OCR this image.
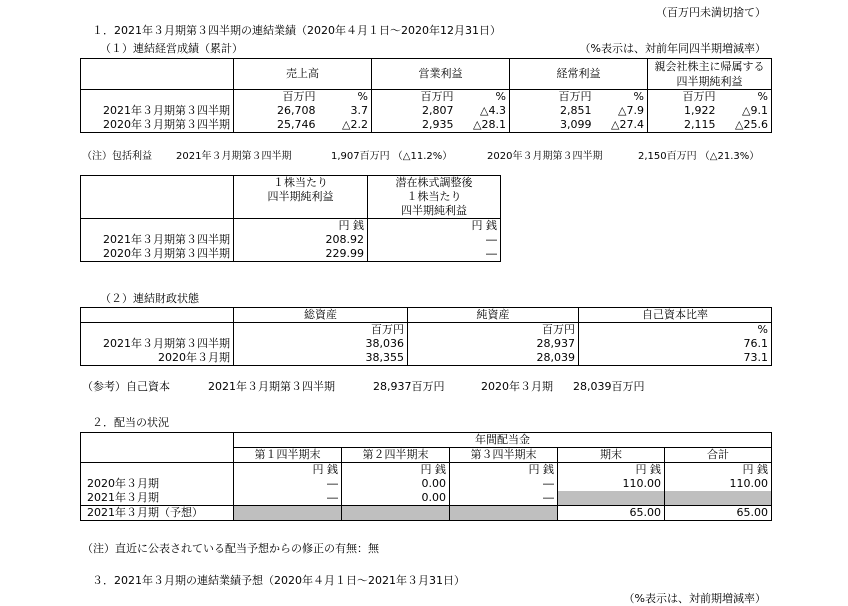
（百万円未満切捨て）
１．2021年３月期第３四半期の連結業績（2020年４月１日～2020年12月31日）
（１）連結経営成績（累計）	（%表示は、対前年同四半期増減率）
	売上高		営業利益		経常利益		親会社株主に帰属する	
							四半期純利益	
	百万円	%	百万円	%	百万円	%	百万円	%
2021年３月期第３四半期	26,708	3.7	2,807	△4.3	2,851	△7.9	1,922	△9.1
2020年３月期第３四半期	25,746	△2.2	2,935	△28.1	3,099	△27.4	2,115	△25.6
（注）包括利益 2021年３月期第３四半期	1,907百万円 （△11.2%）	2020年３月期第３四半期	2,150百万円 （△21.3%）
	１株当たり	潜在株式調整後
	四半期純利益	１株当たり
		四半期純利益
	円 銭	円 銭
2021年３月期第３四半期	208.92	―
2020年３月期第３四半期	229.99	―
（２）連結財政状態
	総資産	純資産	自己資本比率
	百万円	百万円	%
2021年３月期第３四半期	38,036	28,937	76.1
2020年３月期	38,355	28,039	73.1
（参考）自己資本	2021年３月期第３四半期	28,937百万円	2020年３月期 28,039百万円
２．配当の状況
	年間配当金				
	第１四半期末	第２四半期末	第３四半期末	期末	合計
	円 銭	円 銭	円 銭	円 銭	円 銭
2020年３月期	―	0.00	―	110.00	110.00
2021年３月期	―	0.00	―		
2021年３月期（予想）				65.00	65.00
（注）直近に公表されている配当予想からの修正の有無：無
３．2021年３月期の連結業績予想（2020年４月１日～2021年３月31日）
（%表示は、対前期増減率）
